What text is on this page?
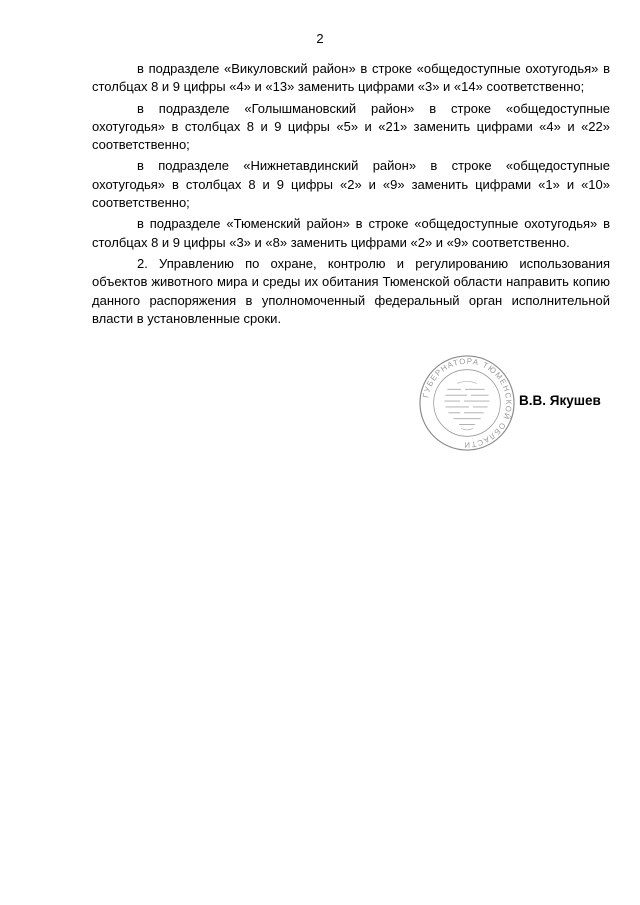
2

в подразделе «Викуловский район» в строке «общедоступные охотугодья» в столбцах 8 и 9 цифры «4» и «13» заменить цифрами «3» и «14» соответственно;

в подразделе «Голышмановский район» в строке «общедоступные охотугодья» в столбцах 8 и 9 цифры «5» и «21» заменить цифрами «4» и «22» соответственно;

в подразделе «Нижнетавдинский район» в строке «общедоступные охотугодья» в столбцах 8 и 9 цифры «2» и «9» заменить цифрами «1» и «10» соответственно;

в подразделе «Тюменский район» в строке «общедоступные охотугодья» в столбцах 8 и 9 цифры «3» и «8» заменить цифрами «2» и «9» соответственно.

2. Управлению по охране, контролю и регулированию использования объектов животного мира и среды их обитания Тюменской области направить копию данного распоряжения в уполномоченный федеральный орган исполнительной власти в установленные сроки.

ГУБЕРНАТОРА ТЮМЕНСКОЙ ОБЛАСТИ
В.В. Якушев
